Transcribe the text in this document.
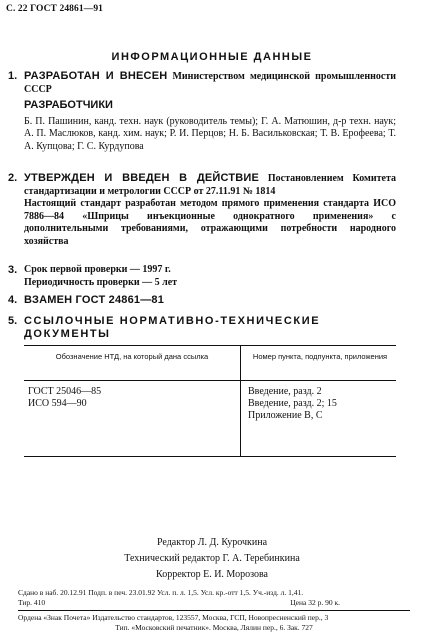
С. 22 ГОСТ 24861—91
ИНФОРМАЦИОННЫЕ ДАННЫЕ
1. РАЗРАБОТАН И ВНЕСЕН Министерством медицинской промышленности СССР
РАЗРАБОТЧИКИ
Б. П. Пашинин, канд. техн. наук (руководитель темы); Г. А. Матюшин, д-р техн. наук; А. П. Маслюков, канд. хим. наук; Р. И. Перцов; Н. Б. Васильковская; Т. В. Ерофеева; Т. А. Купцова; Г. С. Курдупова
2. УТВЕРЖДЕН И ВВЕДЕН В ДЕЙСТВИЕ Постановлением Комитета стандартизации и метрологии СССР от 27.11.91 № 1814
Настоящий стандарт разработан методом прямого применения стандарта ИСО 7886—84 «Шприцы инъекционные однократного применения» с дополнительными требованиями, отражающими потребности народного хозяйства
3. Срок первой проверки — 1997 г.
Периодичность проверки — 5 лет
4. ВЗАМЕН ГОСТ 24861—81
5. ССЫЛОЧНЫЕ НОРМАТИВНО-ТЕХНИЧЕСКИЕ ДОКУМЕНТЫ
Обозначение НТД, на который дана ссылка	Номер пункта, подпункта, приложения
ГОСТ 25046—85	Введение, разд. 2
ИСО 594—90	Введение, разд. 2; 15
Приложение В, С
Редактор Л. Д. Курочкина
Технический редактор Г. А. Теребинкина
Корректор Е. И. Морозова
Сдано в наб. 20.12.91 Подп. в печ. 23.01.92 Усл. п. л. 1,5. Усл. кр.-отт 1,5. Уч.-изд. л. 1,41.
Тир. 410	Цена 32 р. 90 к.
Ордена «Знак Почета» Издательство стандартов, 123557, Москва, ГСП, Новопресненский пер., 3
Тип. «Московский печатник». Москва, Лялин пер., 6. Зак. 727
